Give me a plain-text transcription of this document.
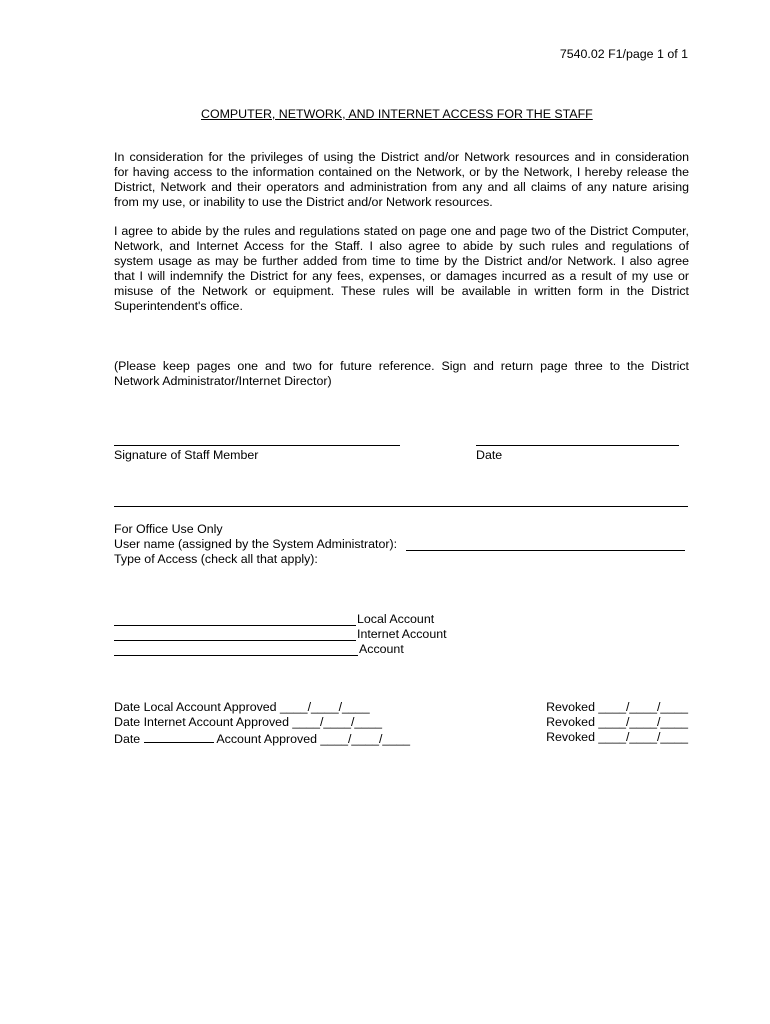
7540.02 F1/page 1 of 1
COMPUTER, NETWORK, AND INTERNET ACCESS FOR THE STAFF
In consideration for the privileges of using the District and/or Network resources and in consideration
for having access to the information contained on the Network, or by the Network, I hereby release the
District, Network and their operators and administration from any and all claims of any nature arising
from my use, or inability to use the District and/or Network resources.
I agree to abide by the rules and regulations stated on page one and page two of the District Computer,
Network, and Internet Access for the Staff. I also agree to abide by such rules and regulations of
system usage as may be further added from time to time by the District and/or Network. I also agree
that I will indemnify the District for any fees, expenses, or damages incurred as a result of my use or
misuse of the Network or equipment. These rules will be available in written form in the District
Superintendent's office.
(Please keep pages one and two for future reference. Sign and return page three to the District
Network Administrator/Internet Director)
Signature of Staff Member	Date
For Office Use Only
User name (assigned by the System Administrator):
Type of Access (check all that apply):
Local Account
Internet Account
Account
Date Local Account Approved ____/____/____
Date Internet Account Approved ____/____/____
Date	Account Approved ____/____/____
Revoked ____/____/____
Revoked ____/____/____
Revoked ____/____/____
